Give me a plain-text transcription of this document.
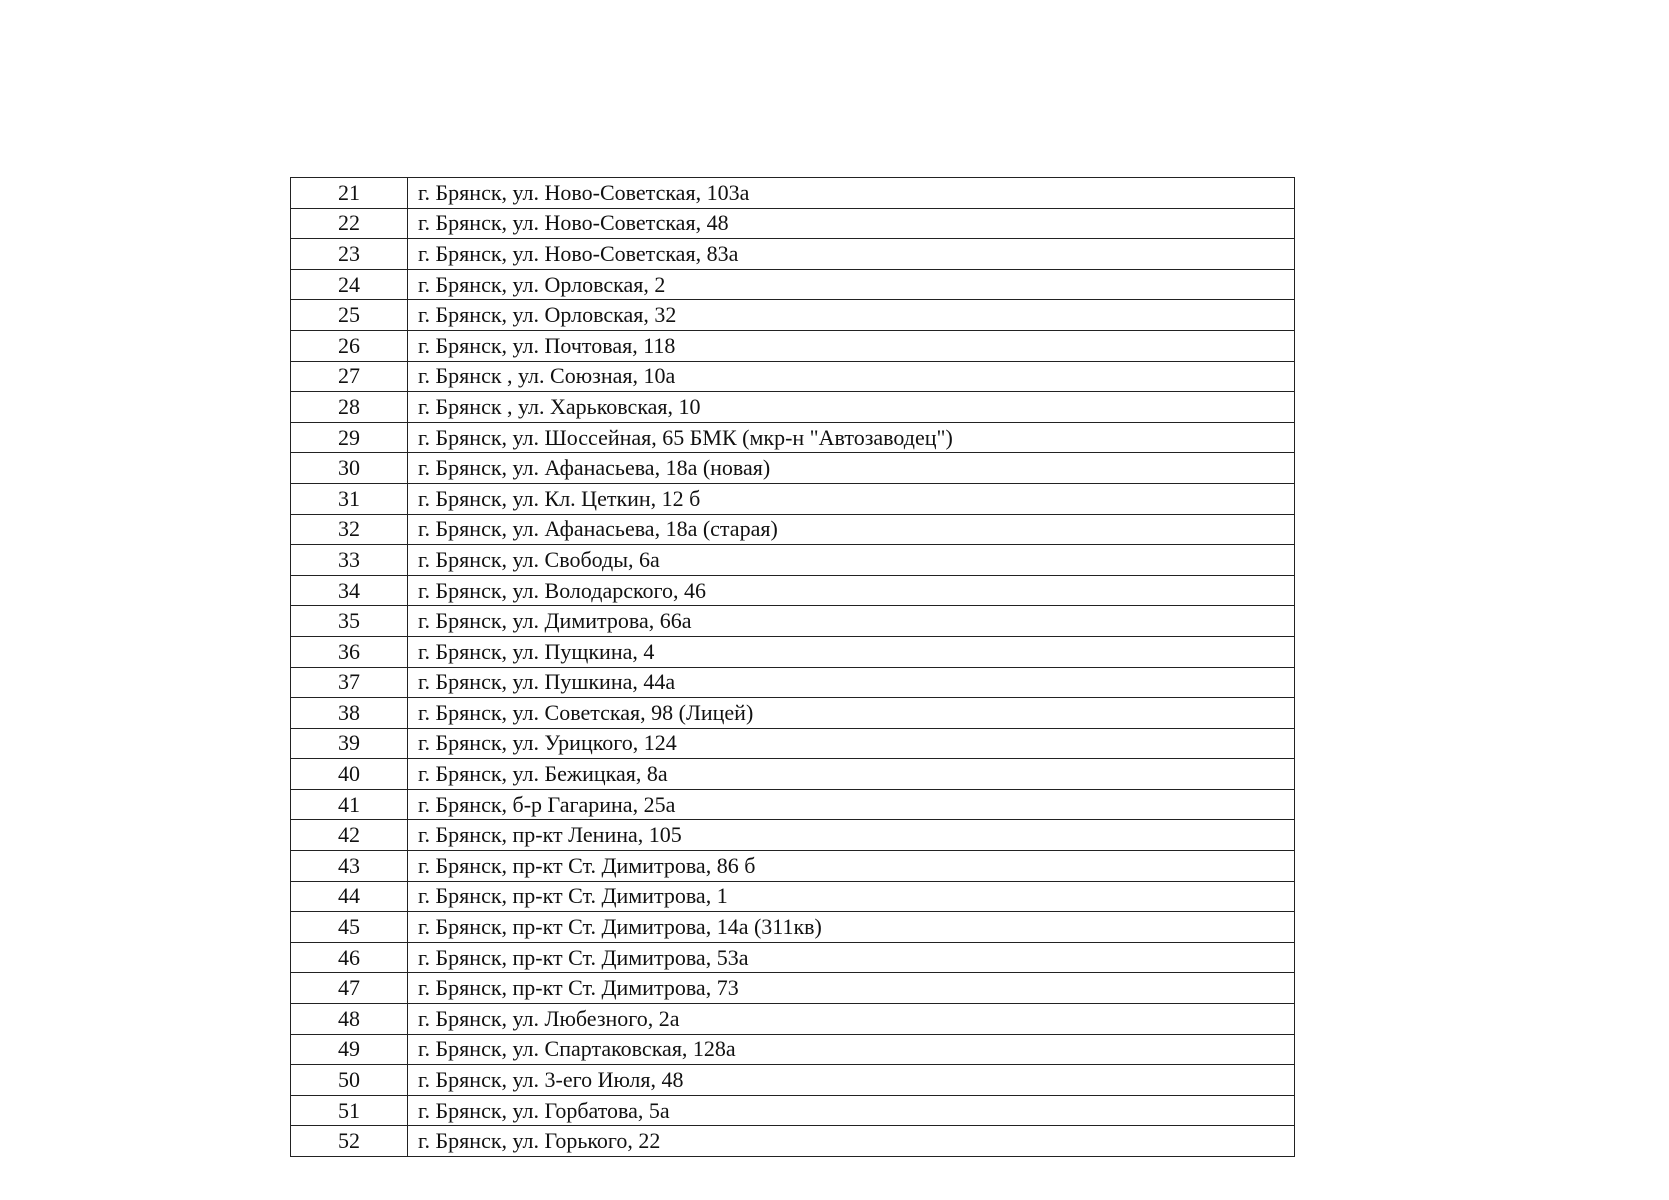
21	г. Брянск, ул. Ново-Советская, 103а
22	г. Брянск, ул. Ново-Советская, 48
23	г. Брянск, ул. Ново-Советская, 83а
24	г. Брянск, ул. Орловская, 2
25	г. Брянск, ул. Орловская, 32
26	г. Брянск, ул. Почтовая, 118
27	г. Брянск , ул. Союзная, 10а
28	г. Брянск , ул. Харьковская, 10
29	г. Брянск, ул. Шоссейная, 65 БМК (мкр-н "Автозаводец")
30	г. Брянск, ул. Афанасьева, 18а (новая)
31	г. Брянск, ул. Кл. Цеткин, 12 б
32	г. Брянск, ул. Афанасьева, 18а (старая)
33	г. Брянск, ул. Свободы, 6а
34	г. Брянск, ул. Володарского, 46
35	г. Брянск, ул. Димитрова, 66а
36	г. Брянск, ул. Пущкина, 4
37	г. Брянск, ул. Пушкина, 44а
38	г. Брянск, ул. Советская, 98 (Лицей)
39	г. Брянск, ул. Урицкого, 124
40	г. Брянск, ул. Бежицкая, 8а
41	г. Брянск, б-р Гагарина, 25а
42	г. Брянск, пр-кт Ленина, 105
43	г. Брянск, пр-кт Ст. Димитрова, 86 б
44	г. Брянск, пр-кт Ст. Димитрова, 1
45	г. Брянск, пр-кт Ст. Димитрова, 14а (311кв)
46	г. Брянск, пр-кт Ст. Димитрова, 53а
47	г. Брянск, пр-кт Ст. Димитрова, 73
48	г. Брянск, ул. Любезного, 2а
49	г. Брянск, ул. Спартаковская, 128а
50	г. Брянск, ул. 3-его Июля, 48
51	г. Брянск, ул. Горбатова, 5а
52	г. Брянск, ул. Горького, 22
